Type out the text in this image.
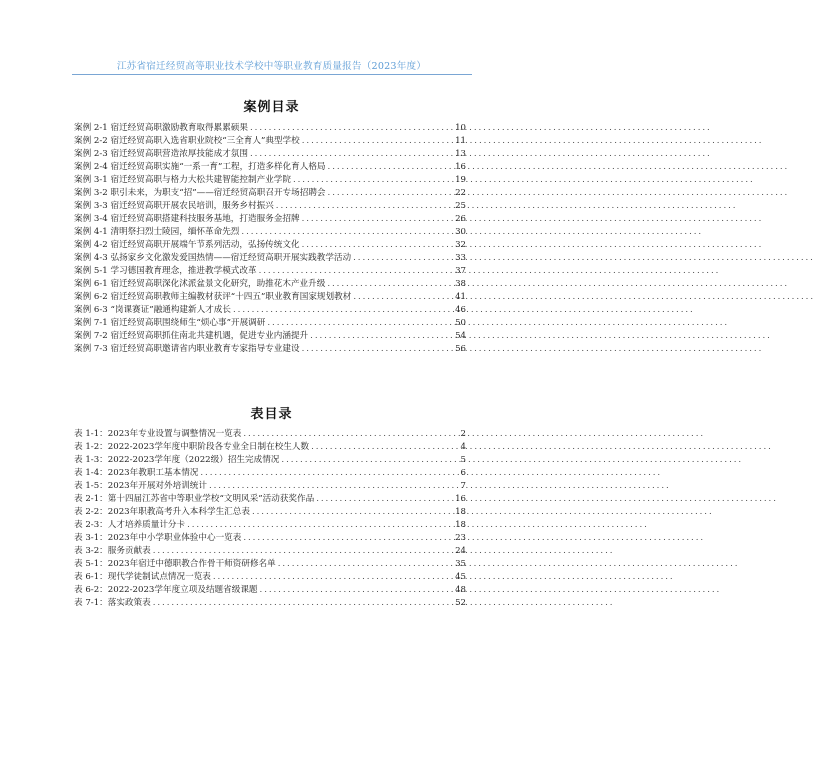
江苏省宿迁经贸高等职业技术学校中等职业教育质量报告（2023年度）
案例目录
案例 2-1 宿迁经贸高职激励教育取得累累硕果 . . .	10
案例 2-2 宿迁经贸高职入选省职业院校“三全育人”典型学校 . . .	11
案例 2-3 宿迁经贸高职营造浓厚技能成才氛围 . . .	13
案例 2-4 宿迁经贸高职实施“一系一育”工程，打造多样化育人格局 . . .	16
案例 3-1 宿迁经贸高职与格力大松共建智能控制产业学院 . . .	19
案例 3-2 职引未来，为职支“招”——宿迁经贸高职召开专场招聘会 . . .	22
案例 3-3 宿迁经贸高职开展农民培训，服务乡村振兴 . . .	25
案例 3-4 宿迁经贸高职搭建科技服务基地，打造服务金招牌 . . .	26
案例 4-1 清明祭扫烈士陵园，缅怀革命先烈 . . .	30
案例 4-2 宿迁经贸高职开展端午节系列活动，弘扬传统文化 . . .	32
案例 4-3 弘扬家乡文化激发爱国热情——宿迁经贸高职开展实践教学活动 . . .	33
案例 5-1 学习德国教育理念，推进教学模式改革 . . .	37
案例 6-1 宿迁经贸高职深化沭派盆景文化研究，助推花木产业升级 . . .	38
案例 6-2 宿迁经贸高职教师主编教材获评“十四五”职业教育国家规划教材 . . .	41
案例 6-3 “岗课赛证”融通构建新人才成长 . . .	46
案例 7-1 宿迁经贸高职围绕师生“烦心事”开展调研 . . .	50
案例 7-2 宿迁经贸高职抓住南北共建机遇，促进专业内涵提升 . . .	54
案例 7-3 宿迁经贸高职邀请省内职业教育专家指导专业建设 . . .	56
表目录
表 1-1：2023年专业设置与调整情况一览表 . . .	2
表 1-2：2022-2023学年度中职阶段各专业全日制在校生人数 . . .	4
表 1-3：2022-2023学年度（2022级）招生完成情况 . . .	5
表 1-4：2023年教职工基本情况 . . .	6
表 1-5：2023年开展对外培训统计 . . .	7
表 2-1：第十四届江苏省中等职业学校“文明风采”活动获奖作品 . . .	16
表 2-2：2023年职教高考升入本科学生汇总表 . . .	18
表 2-3：人才培养质量计分卡 . . .	18
表 3-1：2023年中小学职业体验中心一览表 . . .	23
表 3-2：服务贡献表 . . .	24
表 5-1：2023年宿迁中德职教合作骨干师资研修名单 . . .	35
表 6-1：现代学徒制试点情况一览表 . . .	45
表 6-2：2022-2023学年度立项及结题省级课题 . . .	48
表 7-1：落实政策表 . . .	52
